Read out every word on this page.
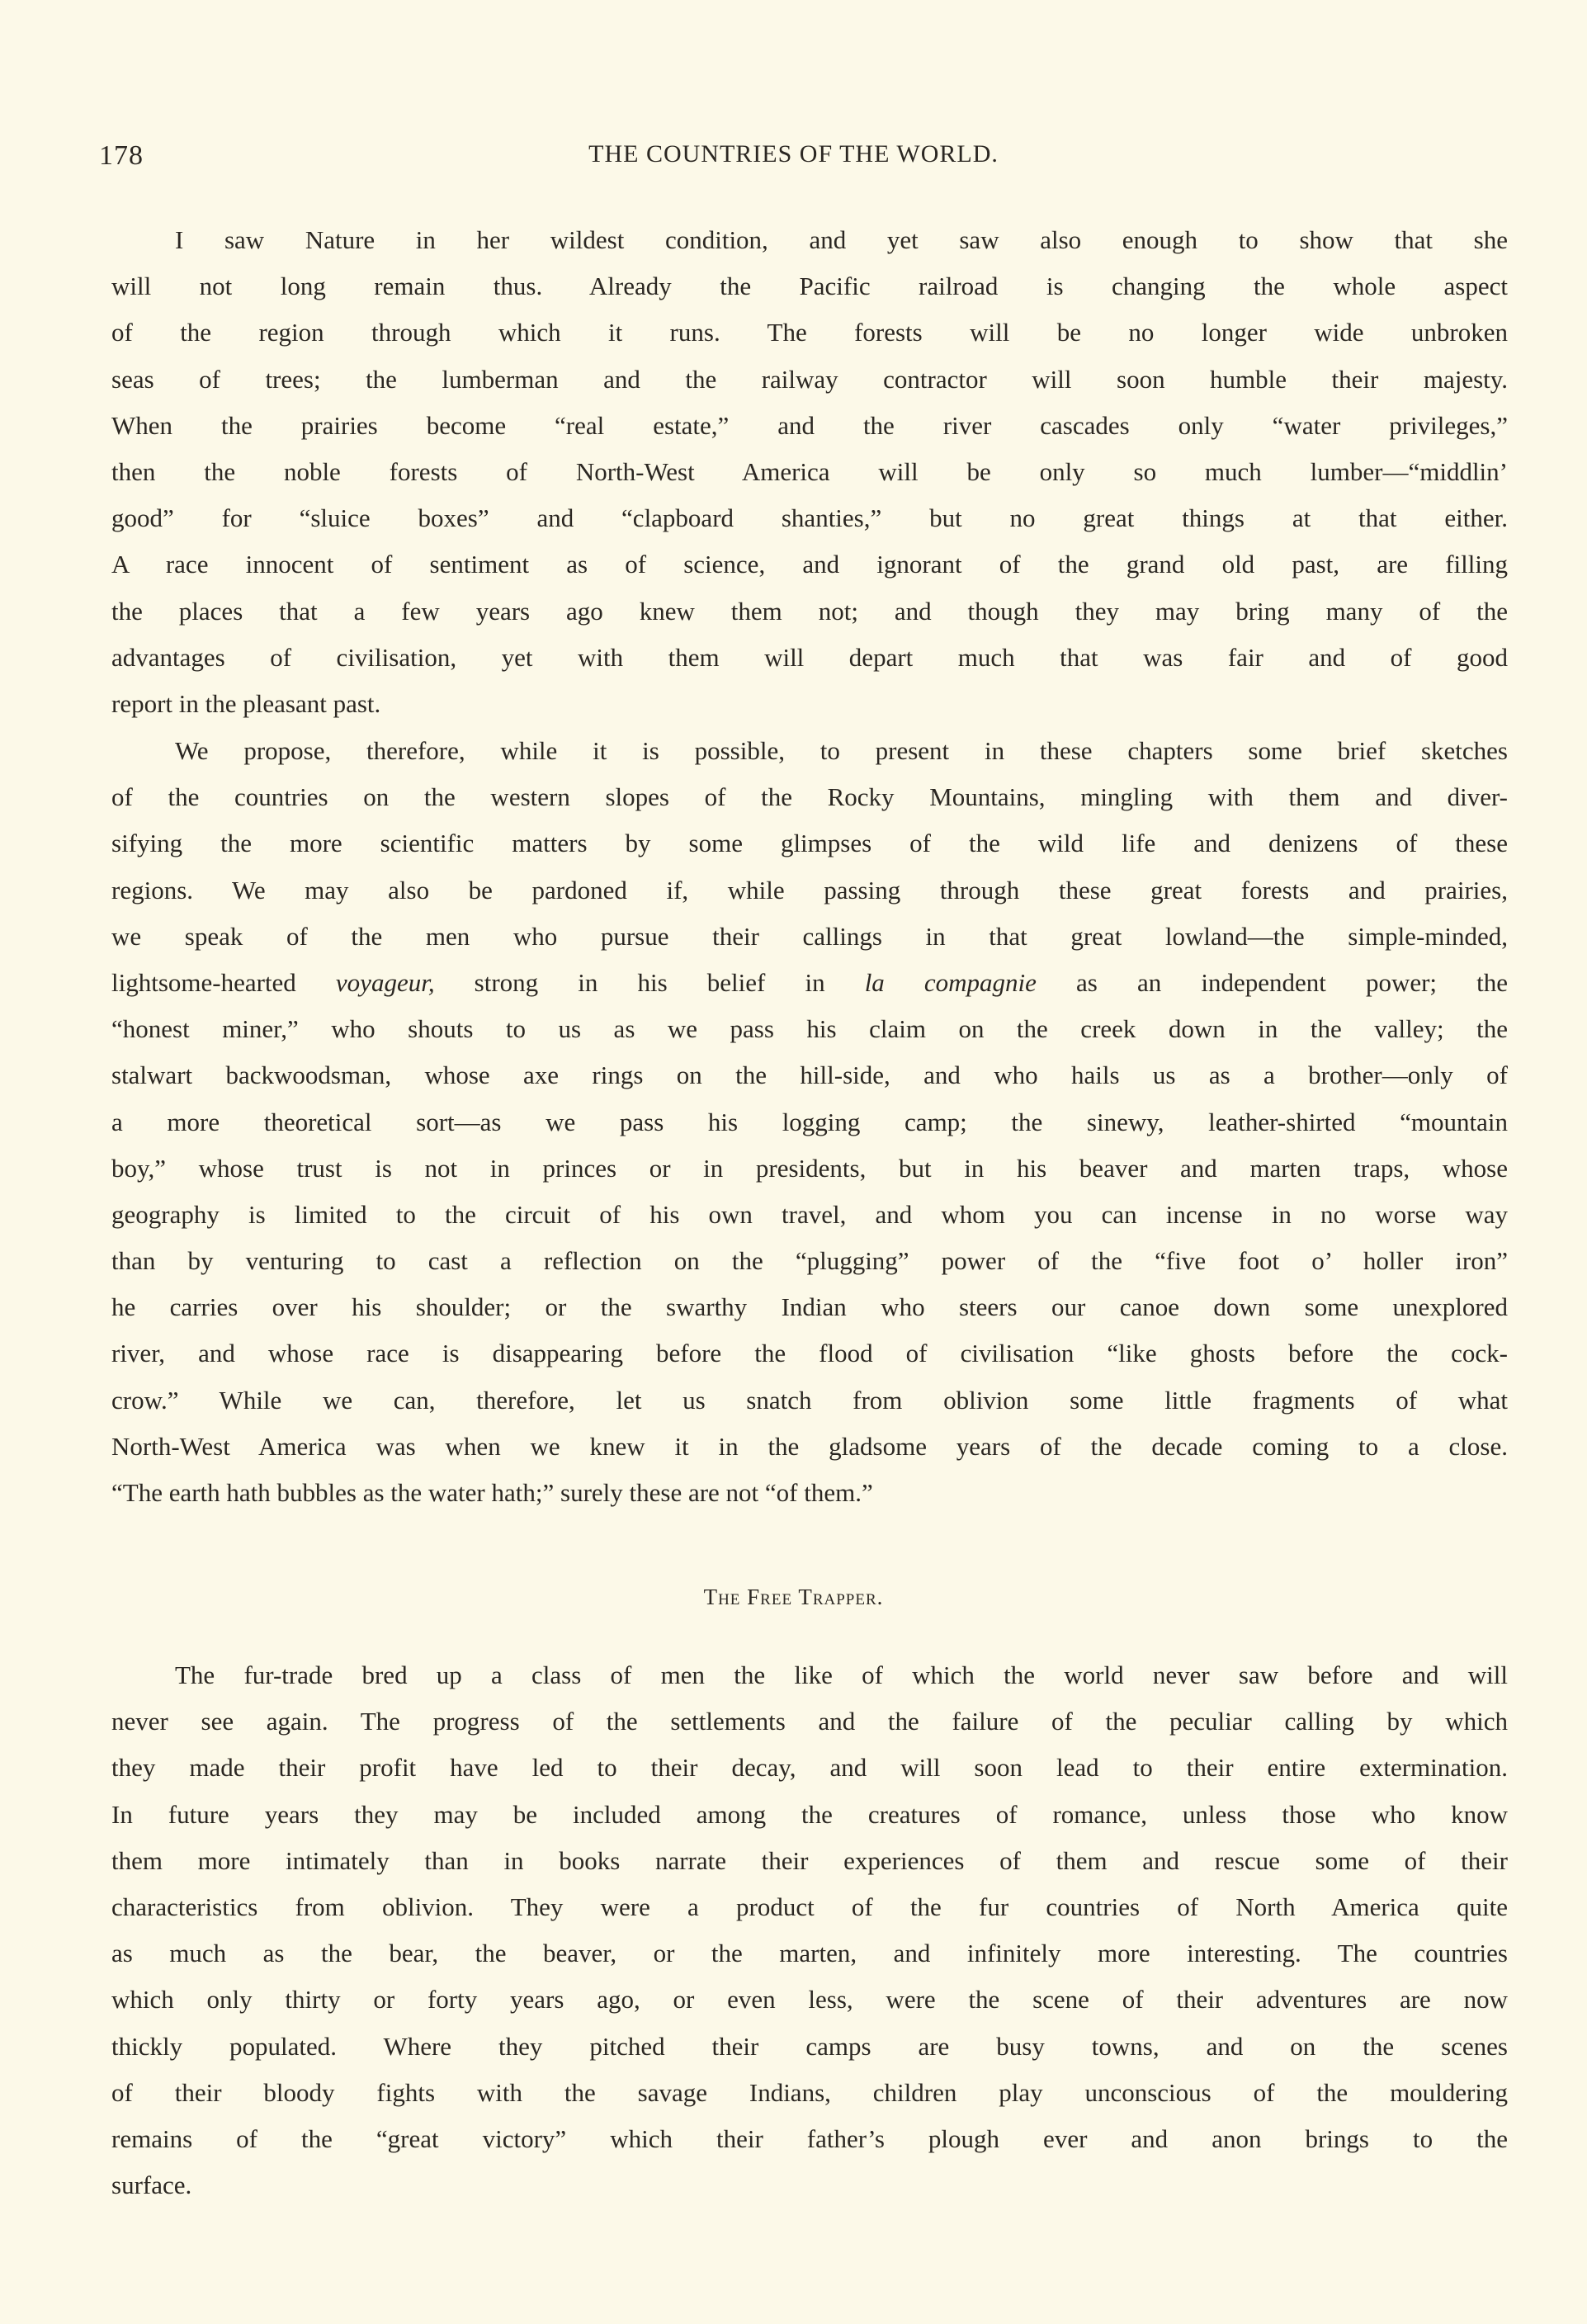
178	THE COUNTRIES OF THE WORLD.
I saw Nature in her wildest condition, and yet saw also enough to show that she
will not long remain thus. Already the Pacific railroad is changing the whole aspect
of the region through which it runs. The forests will be no longer wide unbroken
seas of trees; the lumberman and the railway contractor will soon humble their majesty.
When the prairies become “real estate,” and the river cascades only “water privileges,”
then the noble forests of North-West America will be only so much lumber—“middlin’
good” for “sluice boxes” and “clapboard shanties,” but no great things at that either.
A race innocent of sentiment as of science, and ignorant of the grand old past, are filling
the places that a few years ago knew them not; and though they may bring many of the
advantages of civilisation, yet with them will depart much that was fair and of good
report in the pleasant past.
We propose, therefore, while it is possible, to present in these chapters some brief sketches
of the countries on the western slopes of the Rocky Mountains, mingling with them and diver-
sifying the more scientific matters by some glimpses of the wild life and denizens of these
regions. We may also be pardoned if, while passing through these great forests and prairies,
we speak of the men who pursue their callings in that great lowland—the simple-minded,
lightsome-hearted voyageur, strong in his belief in la compagnie as an independent power; the
“honest miner,” who shouts to us as we pass his claim on the creek down in the valley; the
stalwart backwoodsman, whose axe rings on the hill-side, and who hails us as a brother—only of
a more theoretical sort—as we pass his logging camp; the sinewy, leather-shirted “mountain
boy,” whose trust is not in princes or in presidents, but in his beaver and marten traps, whose
geography is limited to the circuit of his own travel, and whom you can incense in no worse way
than by venturing to cast a reflection on the “plugging” power of the “five foot o’ holler iron”
he carries over his shoulder; or the swarthy Indian who steers our canoe down some unexplored
river, and whose race is disappearing before the flood of civilisation “like ghosts before the cock-
crow.” While we can, therefore, let us snatch from oblivion some little fragments of what
North-West America was when we knew it in the gladsome years of the decade coming to a close.
“The earth hath bubbles as the water hath;” surely these are not “of them.”
The Free Trapper.
The fur-trade bred up a class of men the like of which the world never saw before and will
never see again. The progress of the settlements and the failure of the peculiar calling by which
they made their profit have led to their decay, and will soon lead to their entire extermination.
In future years they may be included among the creatures of romance, unless those who know
them more intimately than in books narrate their experiences of them and rescue some of their
characteristics from oblivion. They were a product of the fur countries of North America quite
as much as the bear, the beaver, or the marten, and infinitely more interesting. The countries
which only thirty or forty years ago, or even less, were the scene of their adventures are now
thickly populated. Where they pitched their camps are busy towns, and on the scenes
of their bloody fights with the savage Indians, children play unconscious of the mouldering
remains of the “great victory” which their father’s plough ever and anon brings to the
surface.
